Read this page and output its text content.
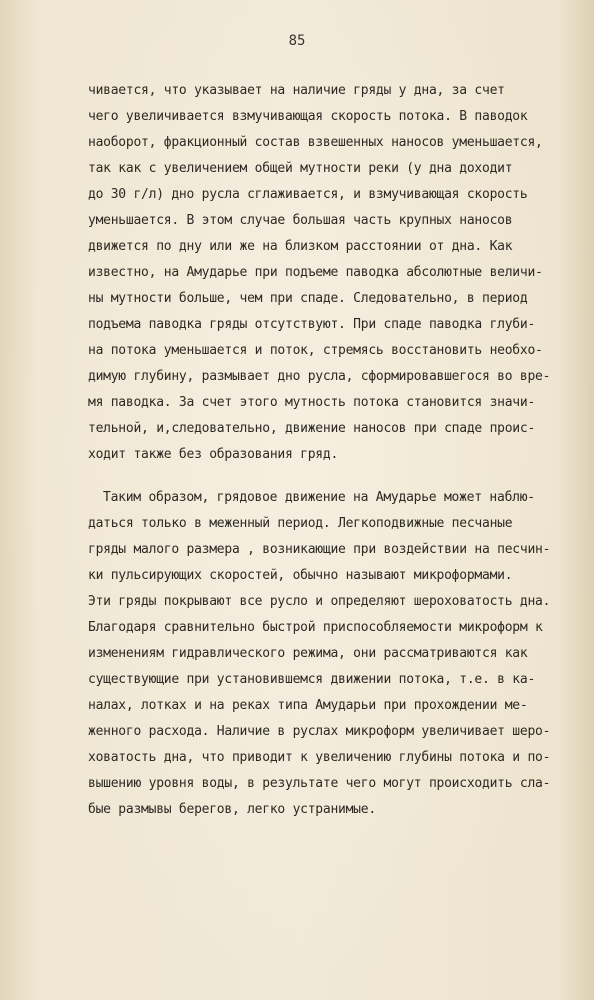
85
чивается, что указывает на наличие гряды у дна, за счет
чего увеличивается взмучивающая скорость потока. В паводок
наоборот, фракционный состав взвешенных наносов уменьшается,
так как с увеличением общей мутности реки (у дна доходит
до 30 г/л) дно русла сглаживается, и взмучивающая скорость
уменьшается. В этом случае большая часть крупных наносов
движется по дну или же на близком расстоянии от дна. Как
известно, на Амударье при подъеме паводка абсолютные величи-
ны мутности больше, чем при спаде. Следовательно, в период
подъема паводка гряды отсутствуют. При спаде паводка глуби-
на потока уменьшается и поток, стремясь восстановить необхо-
димую глубину, размывает дно русла, сформировавшегося во вре-
мя паводка. За счет этого мутность потока становится значи-
тельной, и,следовательно, движение наносов при спаде проис-
ходит также без образования гряд.
Таким образом, грядовое движение на Амударье может наблю-
даться только в меженный период. Легкоподвижные песчаные
гряды малого размера , возникающие при воздействии на песчин-
ки пульсирующих скоростей, обычно называют микроформами.
Эти гряды покрывают все русло и определяют шероховатость дна.
Благодаря сравнительно быстрой приспособляемости микроформ к
изменениям гидравлического режима, они рассматриваются как
существующие при установившемся движении потока, т.е. в ка-
налах, лотках и на реках типа Амударьи при прохождении ме-
женного расхода. Наличие в руслах микроформ увеличивает шеро-
ховатость дна, что приводит к увеличению глубины потока и по-
вышению уровня воды, в результате чего могут происходить сла-
бые размывы берегов, легко устранимые.
